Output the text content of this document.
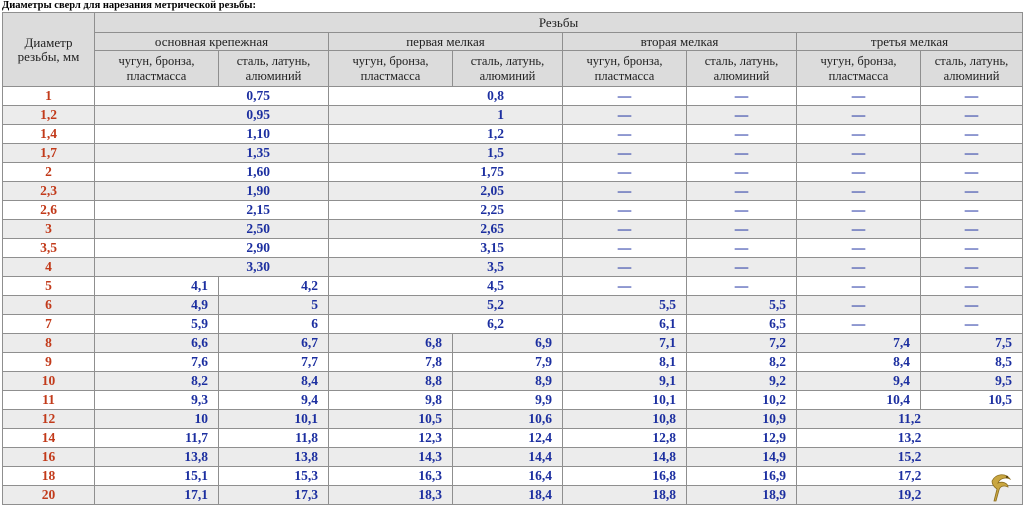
Диаметры сверл для нарезания метрической резьбы:
Диаметр резьбы, мм	Резьбы							
	основная крепежная		первая мелкая		вторая мелкая		третья мелкая	
	чугун, бронза, пластмасса	сталь, латунь, алюминий	чугун, бронза, пластмасса	сталь, латунь, алюминий	чугун, бронза, пластмасса	сталь, латунь, алюминий	чугун, бронза, пластмасса	сталь, латунь, алюминий
1	0,75		0,8		—	—	—	—
1,2	0,95		1		—	—	—	—
1,4	1,10		1,2		—	—	—	—
1,7	1,35		1,5		—	—	—	—
2	1,60		1,75		—	—	—	—
2,3	1,90		2,05		—	—	—	—
2,6	2,15		2,25		—	—	—	—
3	2,50		2,65		—	—	—	—
3,5	2,90		3,15		—	—	—	—
4	3,30		3,5		—	—	—	—
5	4,1	4,2	4,5		—	—	—	—
6	4,9	5	5,2		5,5	5,5	—	—
7	5,9	6	6,2		6,1	6,5	—	—
8	6,6	6,7	6,8	6,9	7,1	7,2	7,4	7,5
9	7,6	7,7	7,8	7,9	8,1	8,2	8,4	8,5
10	8,2	8,4	8,8	8,9	9,1	9,2	9,4	9,5
11	9,3	9,4	9,8	9,9	10,1	10,2	10,4	10,5
12	10	10,1	10,5	10,6	10,8	10,9	11,2	
14	11,7	11,8	12,3	12,4	12,8	12,9	13,2	
16	13,8	13,8	14,3	14,4	14,8	14,9	15,2	
18	15,1	15,3	16,3	16,4	16,8	16,9	17,2	
20	17,1	17,3	18,3	18,4	18,8	18,9	19,2	
